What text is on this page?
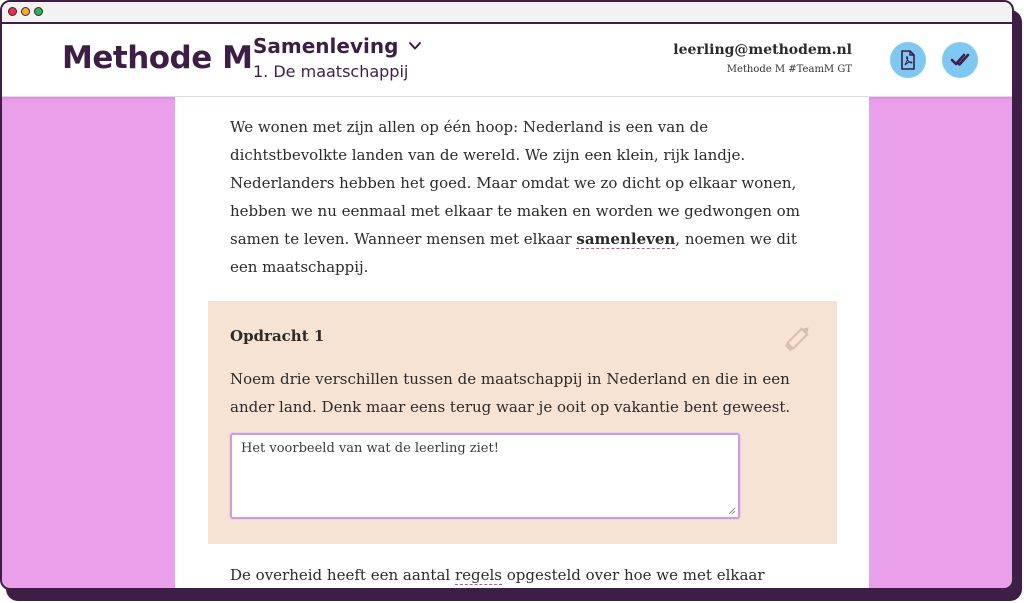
Methode M Samenleving
1. De maatschappij
leerling@methodem.nl
Methode M #TeamM GT

We wonen met zijn allen op één hoop: Nederland is een van de dichtstbevolkte landen van de wereld. We zijn een klein, rijk landje. Nederlanders hebben het goed. Maar omdat we zo dicht op elkaar wonen, hebben we nu eenmaal met elkaar te maken en worden we gedwongen om samen te leven. Wanneer mensen met elkaar samenleven, noemen we dit een maatschappij.

Opdracht 1

Noem drie verschillen tussen de maatschappij in Nederland en die in een ander land. Denk maar eens terug waar je ooit op vakantie bent geweest.

Het voorbeeld van wat de leerling ziet!

De overheid heeft een aantal regels opgesteld over hoe we met elkaar
